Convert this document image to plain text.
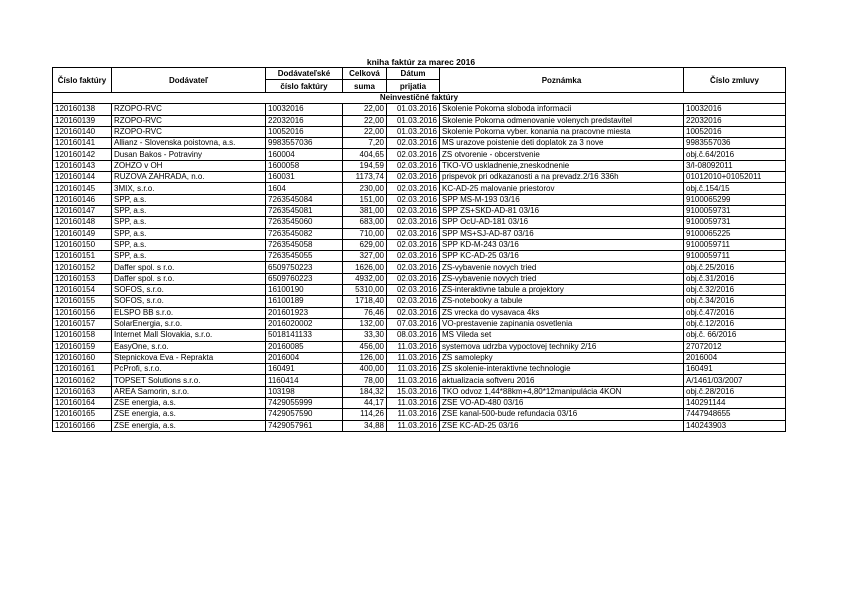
kniha faktúr za marec 2016
Číslo faktúry	Dodávateľ	Dodávateľské	Celková	Dátum	Poznámka	Číslo zmluvy
		číslo faktúry	suma	prijatia		
Neinvestičné faktúry						
120160138	RZOPO-RVC	10032016	22,00	01.03.2016	Skolenie Pokorna sloboda informacii	10032016
120160139	RZOPO-RVC	22032016	22,00	01.03.2016	Skolenie Pokorna odmenovanie volenych predstavitel	22032016
120160140	RZOPO-RVC	10052016	22,00	01.03.2016	Skolenie Pokorna vyber. konania na pracovne miesta	10052016
120160141	Allianz - Slovenska poistovna, a.s.	9983557036	7,20	02.03.2016	MS urazove poistenie deti doplatok za 3 nove	9983557036
120160142	Dusan Bakos - Potraviny	160004	404,65	02.03.2016	ZS otvorenie - obcerstvenie	obj.č.64/2016
120160143	ZOHZO v OH	1600058	194,59	02.03.2016	TKO-VO uskladnenie,zneskodnenie	3/I-08092011
120160144	RUZOVA ZAHRADA, n.o.	160031	1173,74	02.03.2016	prispevok pri odkazanosti a na prevadz.2/16 336h	01012010+01052011
120160145	3MIX, s.r.o.	1604	230,00	02.03.2016	KC-AD-25 malovanie priestorov	obj.č.154/15
120160146	SPP, a.s.	7263545084	151,00	02.03.2016	SPP MS-M-193 03/16	9100065299
120160147	SPP, a.s.	7263545081	381,00	02.03.2016	SPP ZS+SKD-AD-81 03/16	9100059731
120160148	SPP, a.s.	7263545060	683,00	02.03.2016	SPP OcU-AD-181 03/16	9100059731
120160149	SPP, a.s.	7263545082	710,00	02.03.2016	SPP MS+SJ-AD-87 03/16	9100065225
120160150	SPP, a.s.	7263545058	629,00	02.03.2016	SPP KD-M-243 03/16	9100059711
120160151	SPP, a.s.	7263545055	327,00	02.03.2016	SPP KC-AD-25 03/16	9100059711
120160152	Daffer spol. s r.o.	6509750223	1626,00	02.03.2016	ZS-vybavenie novych tried	obj.č.25/2016
120160153	Daffer spol. s r.o.	6509760223	4932,00	02.03.2016	ZS-vybavenie novych tried	obj.č.31/2016
120160154	SOFOS, s.r.o.	16100190	5310,00	02.03.2016	ZS-interaktivne tabule a projektory	obj.č.32/2016
120160155	SOFOS, s.r.o.	16100189	1718,40	02.03.2016	ZS-notebooky a tabule	obj.č.34/2016
120160156	ELSPO BB s.r.o.	201601923	76,46	02.03.2016	ZS vrecka do vysavaca 4ks	obj.č.47/2016
120160157	SolarEnergia, s.r.o.	2016020002	132,00	07.03.2016	VO-prestavenie zapinania osvetlenia	obj.č.12/2016
120160158	Internet Mall Slovakia, s.r.o.	5018141133	33,30	08.03.2016	MS Vileda set	obj.č. 66/2016
120160159	EasyOne, s.r.o.	20160085	456,00	11.03.2016	systemova udrzba vypoctovej techniky 2/16	27072012
120160160	Stepnickova Eva - Reprakta	2016004	126,00	11.03.2016	ZS samolepky	2016004
120160161	PcProfi, s.r.o.	160491	400,00	11.03.2016	ZS skolenie-interaktivne technologie	160491
120160162	TOPSET Solutions s.r.o.	1160414	78,00	11.03.2016	aktualizacia softveru 2016	A/1461/03/2007
120160163	AREA Samorin, s.r.o.	103198	184,32	15.03.2016	TKO odvoz 1,44*88km+4,80*12manipulácia 4KON	obj.č.28/2016
120160164	ZSE energia, a.s.	7429055999	44,17	11.03.2016	ZSE VO-AD-480 03/16	140291144
120160165	ZSE energia, a.s.	7429057590	114,26	11.03.2016	ZSE kanal-500-bude refundacia 03/16	7447948655
120160166	ZSE energia, a.s.	7429057961	34,88	11.03.2016	ZSE KC-AD-25 03/16	140243903
